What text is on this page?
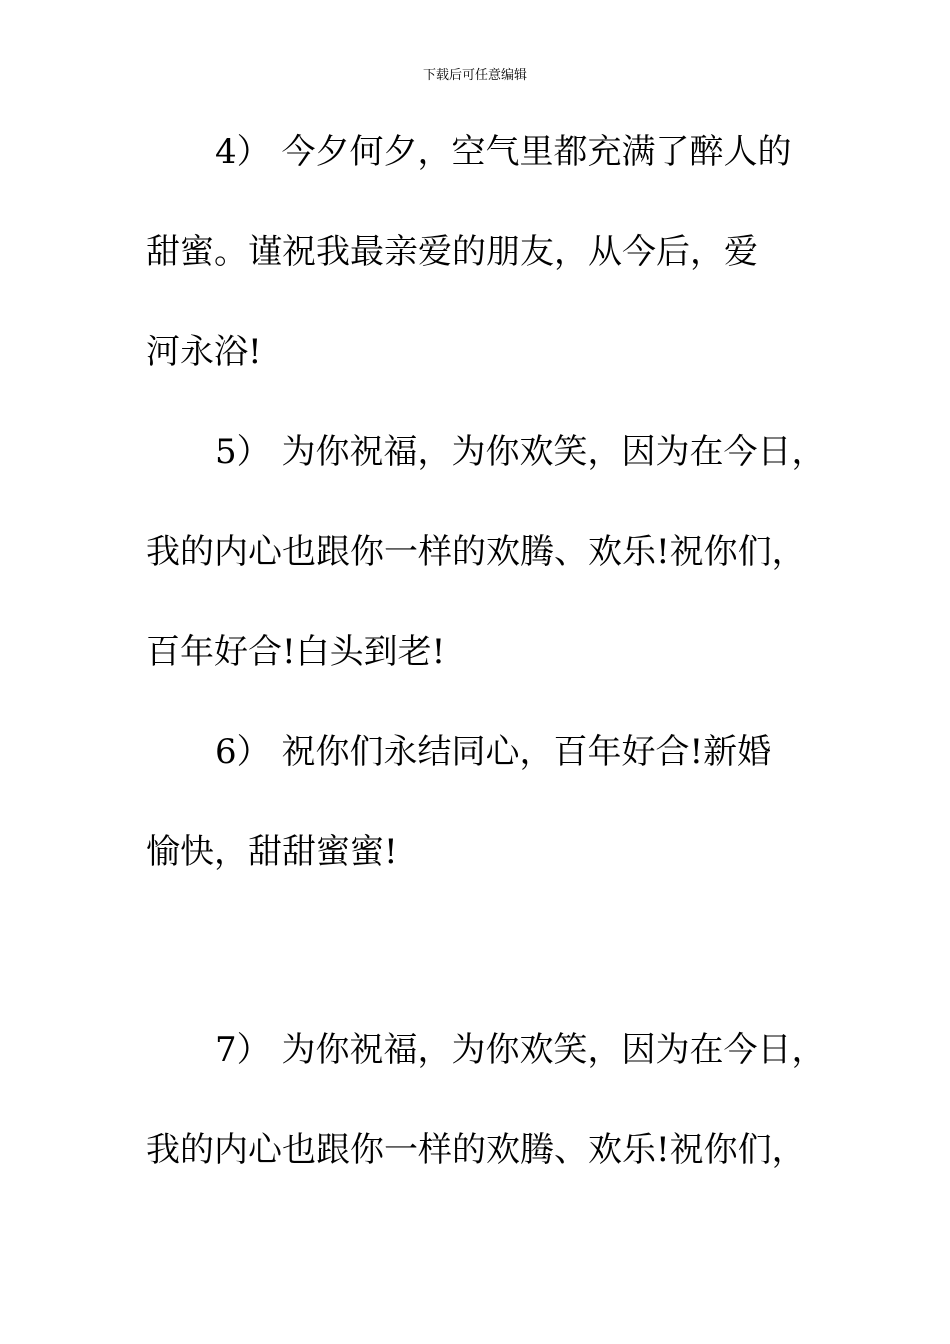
下载后可任意编辑
4） 今夕何夕，空气里都充满了醉人的
甜蜜。谨祝我最亲爱的朋友，从今后，爱
河永浴!
5） 为你祝福，为你欢笑，因为在今日，
我的内心也跟你一样的欢腾、欢乐!祝你们，
百年好合!白头到老!
6） 祝你们永结同心，百年好合!新婚
愉快，甜甜蜜蜜!
7） 为你祝福，为你欢笑，因为在今日，
我的内心也跟你一样的欢腾、欢乐!祝你们，
